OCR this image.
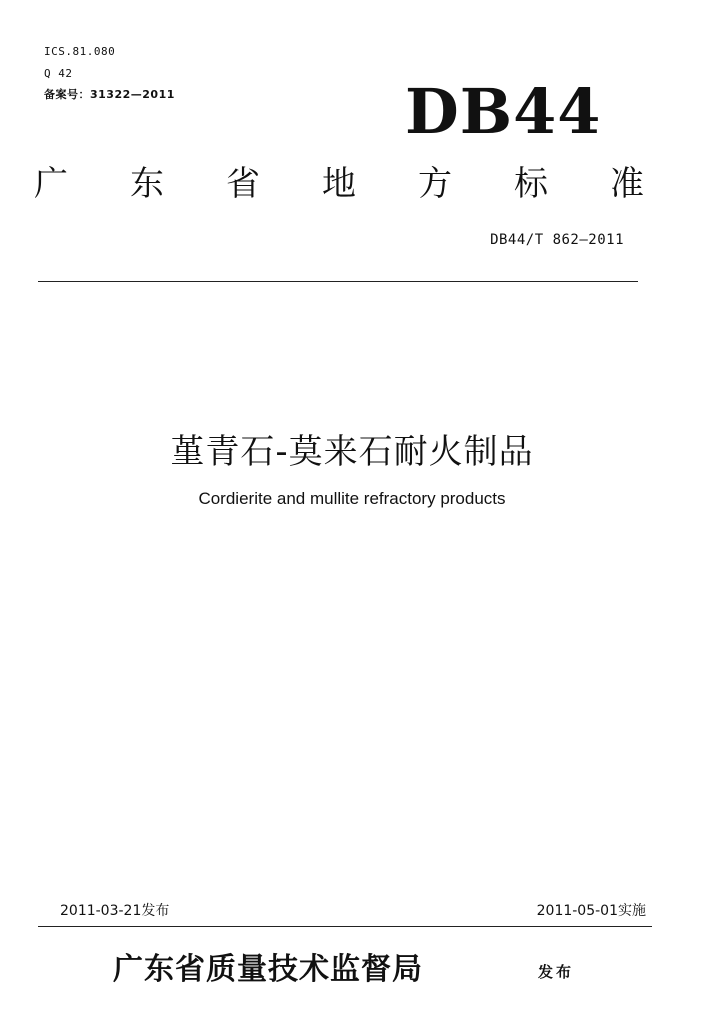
ICS.81.080
Q 42
备案号：31322—2011	DB44
广 东 省 地 方 标 准
DB44/T 862—2011
堇青石-莫来石耐火制品
Cordierite and mullite refractory products
2011-03-21发布	2011-05-01实施
广东省质量技术监督局	发布
